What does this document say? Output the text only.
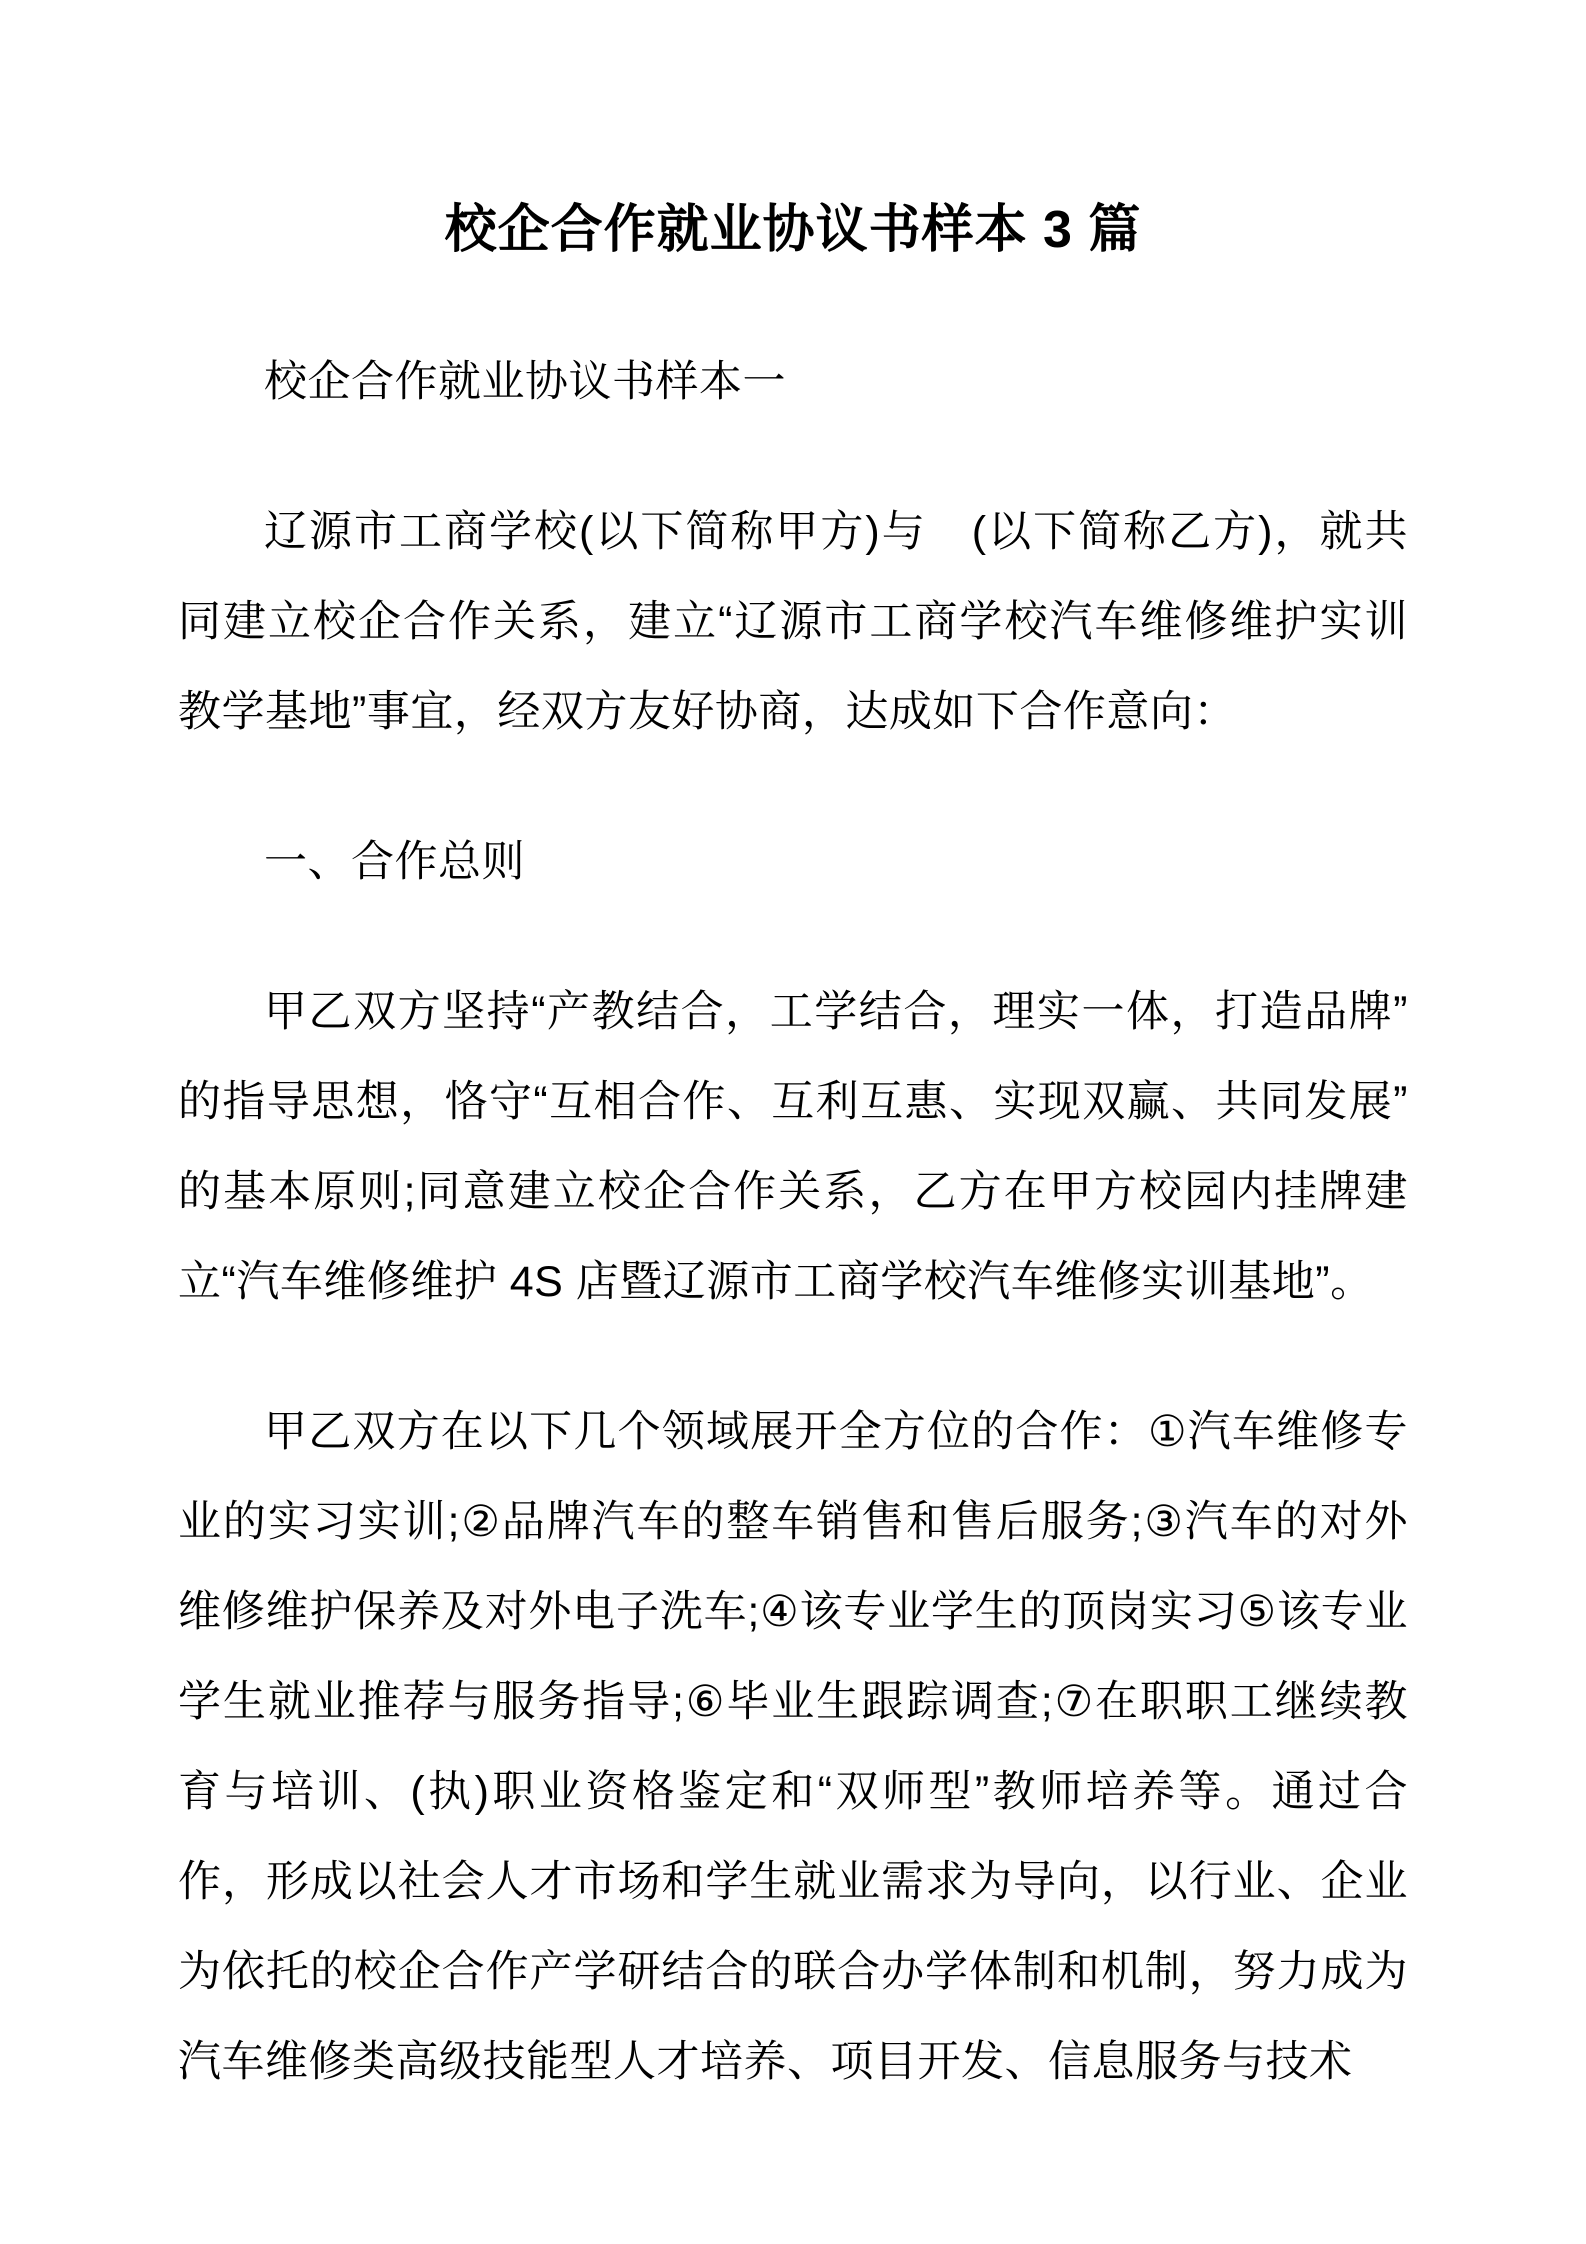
校企合作就业协议书样本 3 篇

校企合作就业协议书样本一

辽源市工商学校(以下简称甲方)与　(以下简称乙方)，就共同建立校企合作关系，建立“辽源市工商学校汽车维修维护实训教学基地”事宜，经双方友好协商，达成如下合作意向：

一、合作总则

甲乙双方坚持“产教结合，工学结合，理实一体，打造品牌”的指导思想，恪守“互相合作、互利互惠、实现双赢、共同发展”的基本原则;同意建立校企合作关系，乙方在甲方校园内挂牌建立“汽车维修维护 4S 店暨辽源市工商学校汽车维修实训基地”。

甲乙双方在以下几个领域展开全方位的合作：①汽车维修专业的实习实训;②品牌汽车的整车销售和售后服务;③汽车的对外维修维护保养及对外电子洗车;④该专业学生的顶岗实习⑤该专业学生就业推荐与服务指导;⑥毕业生跟踪调查;⑦在职职工继续教育与培训、(执)职业资格鉴定和“双师型”教师培养等。通过合作，形成以社会人才市场和学生就业需求为导向，以行业、企业为依托的校企合作产学研结合的联合办学体制和机制，努力成为汽车维修类高级技能型人才培养、项目开发、信息服务与技术
